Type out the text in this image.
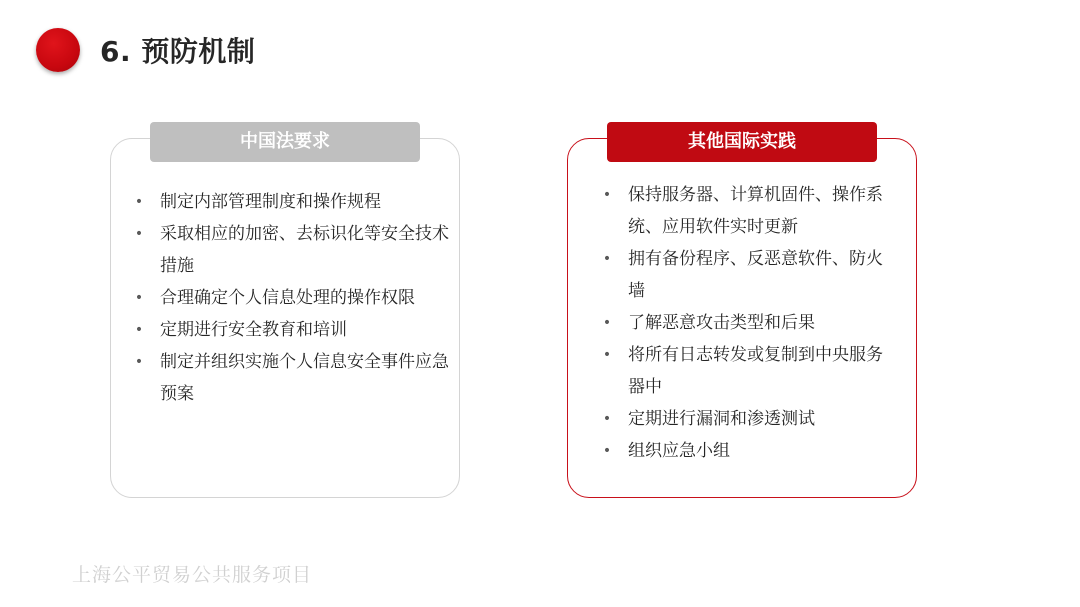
6. 预防机制
中国法要求
• 制定内部管理制度和操作规程
• 采取相应的加密、去标识化等安全技术措施
• 合理确定个人信息处理的操作权限
• 定期进行安全教育和培训
• 制定并组织实施个人信息安全事件应急预案
其他国际实践
• 保持服务器、计算机固件、操作系统、应用软件实时更新
• 拥有备份程序、反恶意软件、防火墙
• 了解恶意攻击类型和后果
• 将所有日志转发或复制到中央服务器中
• 定期进行漏洞和渗透测试
• 组织应急小组
上海公平贸易公共服务项目
